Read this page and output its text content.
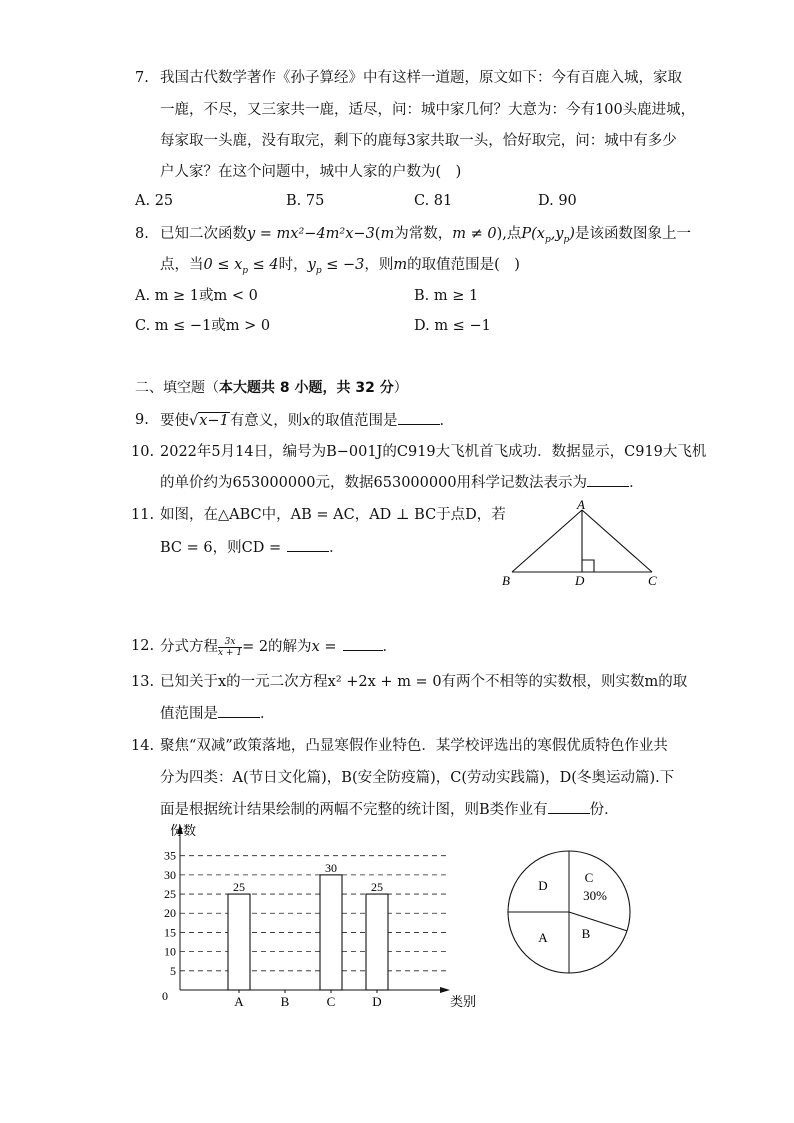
7. 我国古代数学著作《孙子算经》中有这样一道题，原文如下：今有百鹿入城，家取
一鹿，不尽，又三家共一鹿，适尽，问：城中家几何？大意为：今有100头鹿进城，
每家取一头鹿，没有取完，剩下的鹿每3家共取一头，恰好取完，问：城中有多少
户人家？在这个问题中，城中人家的户数为(　)
A. 25	B. 75	C. 81	D. 90
8. 已知二次函数y = mx²−4m²x−3(m为常数，m ≠ 0),点$P(x_p,y_p)$是该函数图象上一
点，当$0 \le x_p \le 4$时，$y_p \le -3$，则m的取值范围是(　)
A. m ≥ 1或m < 0	B. m ≥ 1
C. m ≤ −1或m > 0	D. m ≤ −1
二、填空题（本大题共 8 小题，共 32 分）
9. 要使√x−1有意义，则x的取值范围是	．
10. 2022年5月14日，编号为B−001J的C919大飞机首飞成功．数据显示，C919大飞机
的单价约为653000000元，数据653000000用科学记数法表示为	．
11. 如图，在△ABC中，AB = AC，AD ⊥ BC于点D，若
BC = 6，则CD =	．
A
B	D	C
12. 分式方程 $\frac{3x}{x + 1} = 2$的解为x =	．
13. 已知关于x的一元二次方程x² +2x + m = 0有两个不相等的实数根，则实数m的取
值范围是	．
14. 聚焦“双减”政策落地，凸显寒假作业特色．某学校评选出的寒假优质特色作业共
分为四类：A(节日文化篇)，B(安全防疫篇)，C(劳动实践篇)，D(冬奥运动篇).下
面是根据统计结果绘制的两幅不完整的统计图，则B类作业有	份．
0
5
10
15
20
25
30
35
份数
类别
A
25
B	C
30
D
25
C
30%
B
A
D
